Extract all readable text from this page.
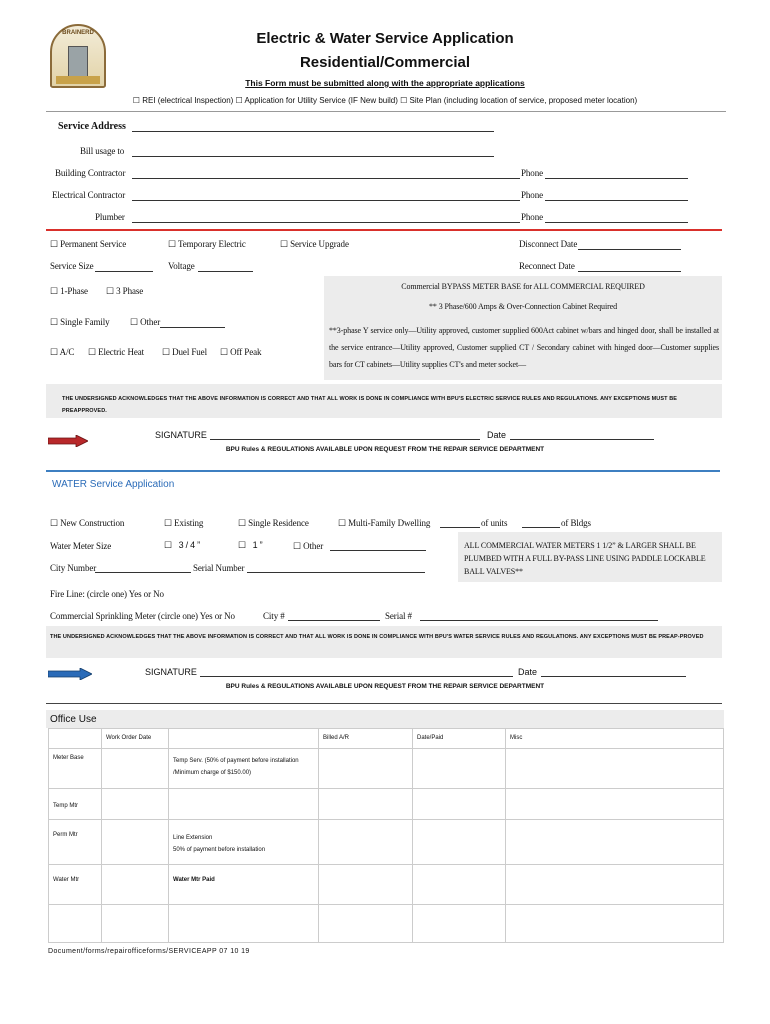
BRAINERD	Electric & Water Service Application
Residential/Commercial
This Form must be submitted along with the appropriate applications
☐ REI (electrical Inspection) ☐ Application for Utility Service (IF New build) ☐ Site Plan (including location of service, proposed meter location)
Service Address
Bill usage to
Building Contractor	Phone
Electrical Contractor	Phone
Plumber	Phone
☐ Permanent Service	☐ Temporary Electric	☐ Service Upgrade	Disconnect Date
Service Size	Voltage	Reconnect Date
☐ 1-Phase ☐ 3 Phase
☐ Single Family ☐ Other
☐ A/C ☐ Electric Heat ☐ Duel Fuel ☐ Off Peak
Commercial BYPASS METER BASE for ALL COMMERCIAL REQUIRED
** 3 Phase/600 Amps & Over-Connection Cabinet Required
**3-phase Y service only—Utility approved, customer supplied 600Act cabinet w/bars and hinged door, shall be installed at the service entrance—Utility approved, Customer supplied CT / Secondary cabinet with hinged door—Customer supplies bars for CT cabinets—Utility supplies CT's and meter socket—
THE UNDERSIGNED ACKNOWLEDGES THAT THE ABOVE INFORMATION IS CORRECT AND THAT ALL WORK IS DONE IN COMPLIANCE WITH BPU'S ELECTRIC SERVICE RULES AND REGULATIONS. ANY EXCEPTIONS MUST BE PREAPPROVED.
SIGNATURE	Date
BPU Rules & REGULATIONS AVAILABLE UPON REQUEST FROM THE REPAIR SERVICE DEPARTMENT
WATER Service Application
☐ New Construction	☐ Existing	☐ Single Residence	☐ Multi-Family Dwelling	of units	of Bldgs
Water Meter Size	☐ 3/4”	☐ 1”	☐ Other
City Number	Serial Number
ALL COMMERCIAL WATER METERS 1 1/2” & LARGER SHALL BE PLUMBED WITH A FULL BY-PASS LINE USING PADDLE LOCKABLE BALL VALVES**
Fire Line: (circle one) Yes or No
Commercial Sprinkling Meter (circle one) Yes or No	City #	Serial #
THE UNDERSIGNED ACKNOWLEDGES THAT THE ABOVE INFORMATION IS CORRECT AND THAT ALL WORK IS DONE IN COMPLIANCE WITH BPU'S WATER SERVICE RULES AND REGULATIONS. ANY EXCEPTIONS MUST BE PREAP-PROVED
SIGNATURE	Date
BPU Rules & REGULATIONS AVAILABLE UPON REQUEST FROM THE REPAIR SERVICE DEPARTMENT
Office Use
	Work Order Date		Billed A/R	Date/Paid	Misc
Meter Base		Temp Serv. (50% of payment before installation /Minimum charge of $150.00)			
Temp Mtr					
Perm Mtr		Line Extension
50% of payment before installation			
Water Mtr		Water Mtr Paid			

Document/forms/repairofficeforms/SERVICEAPP 07 10 19
